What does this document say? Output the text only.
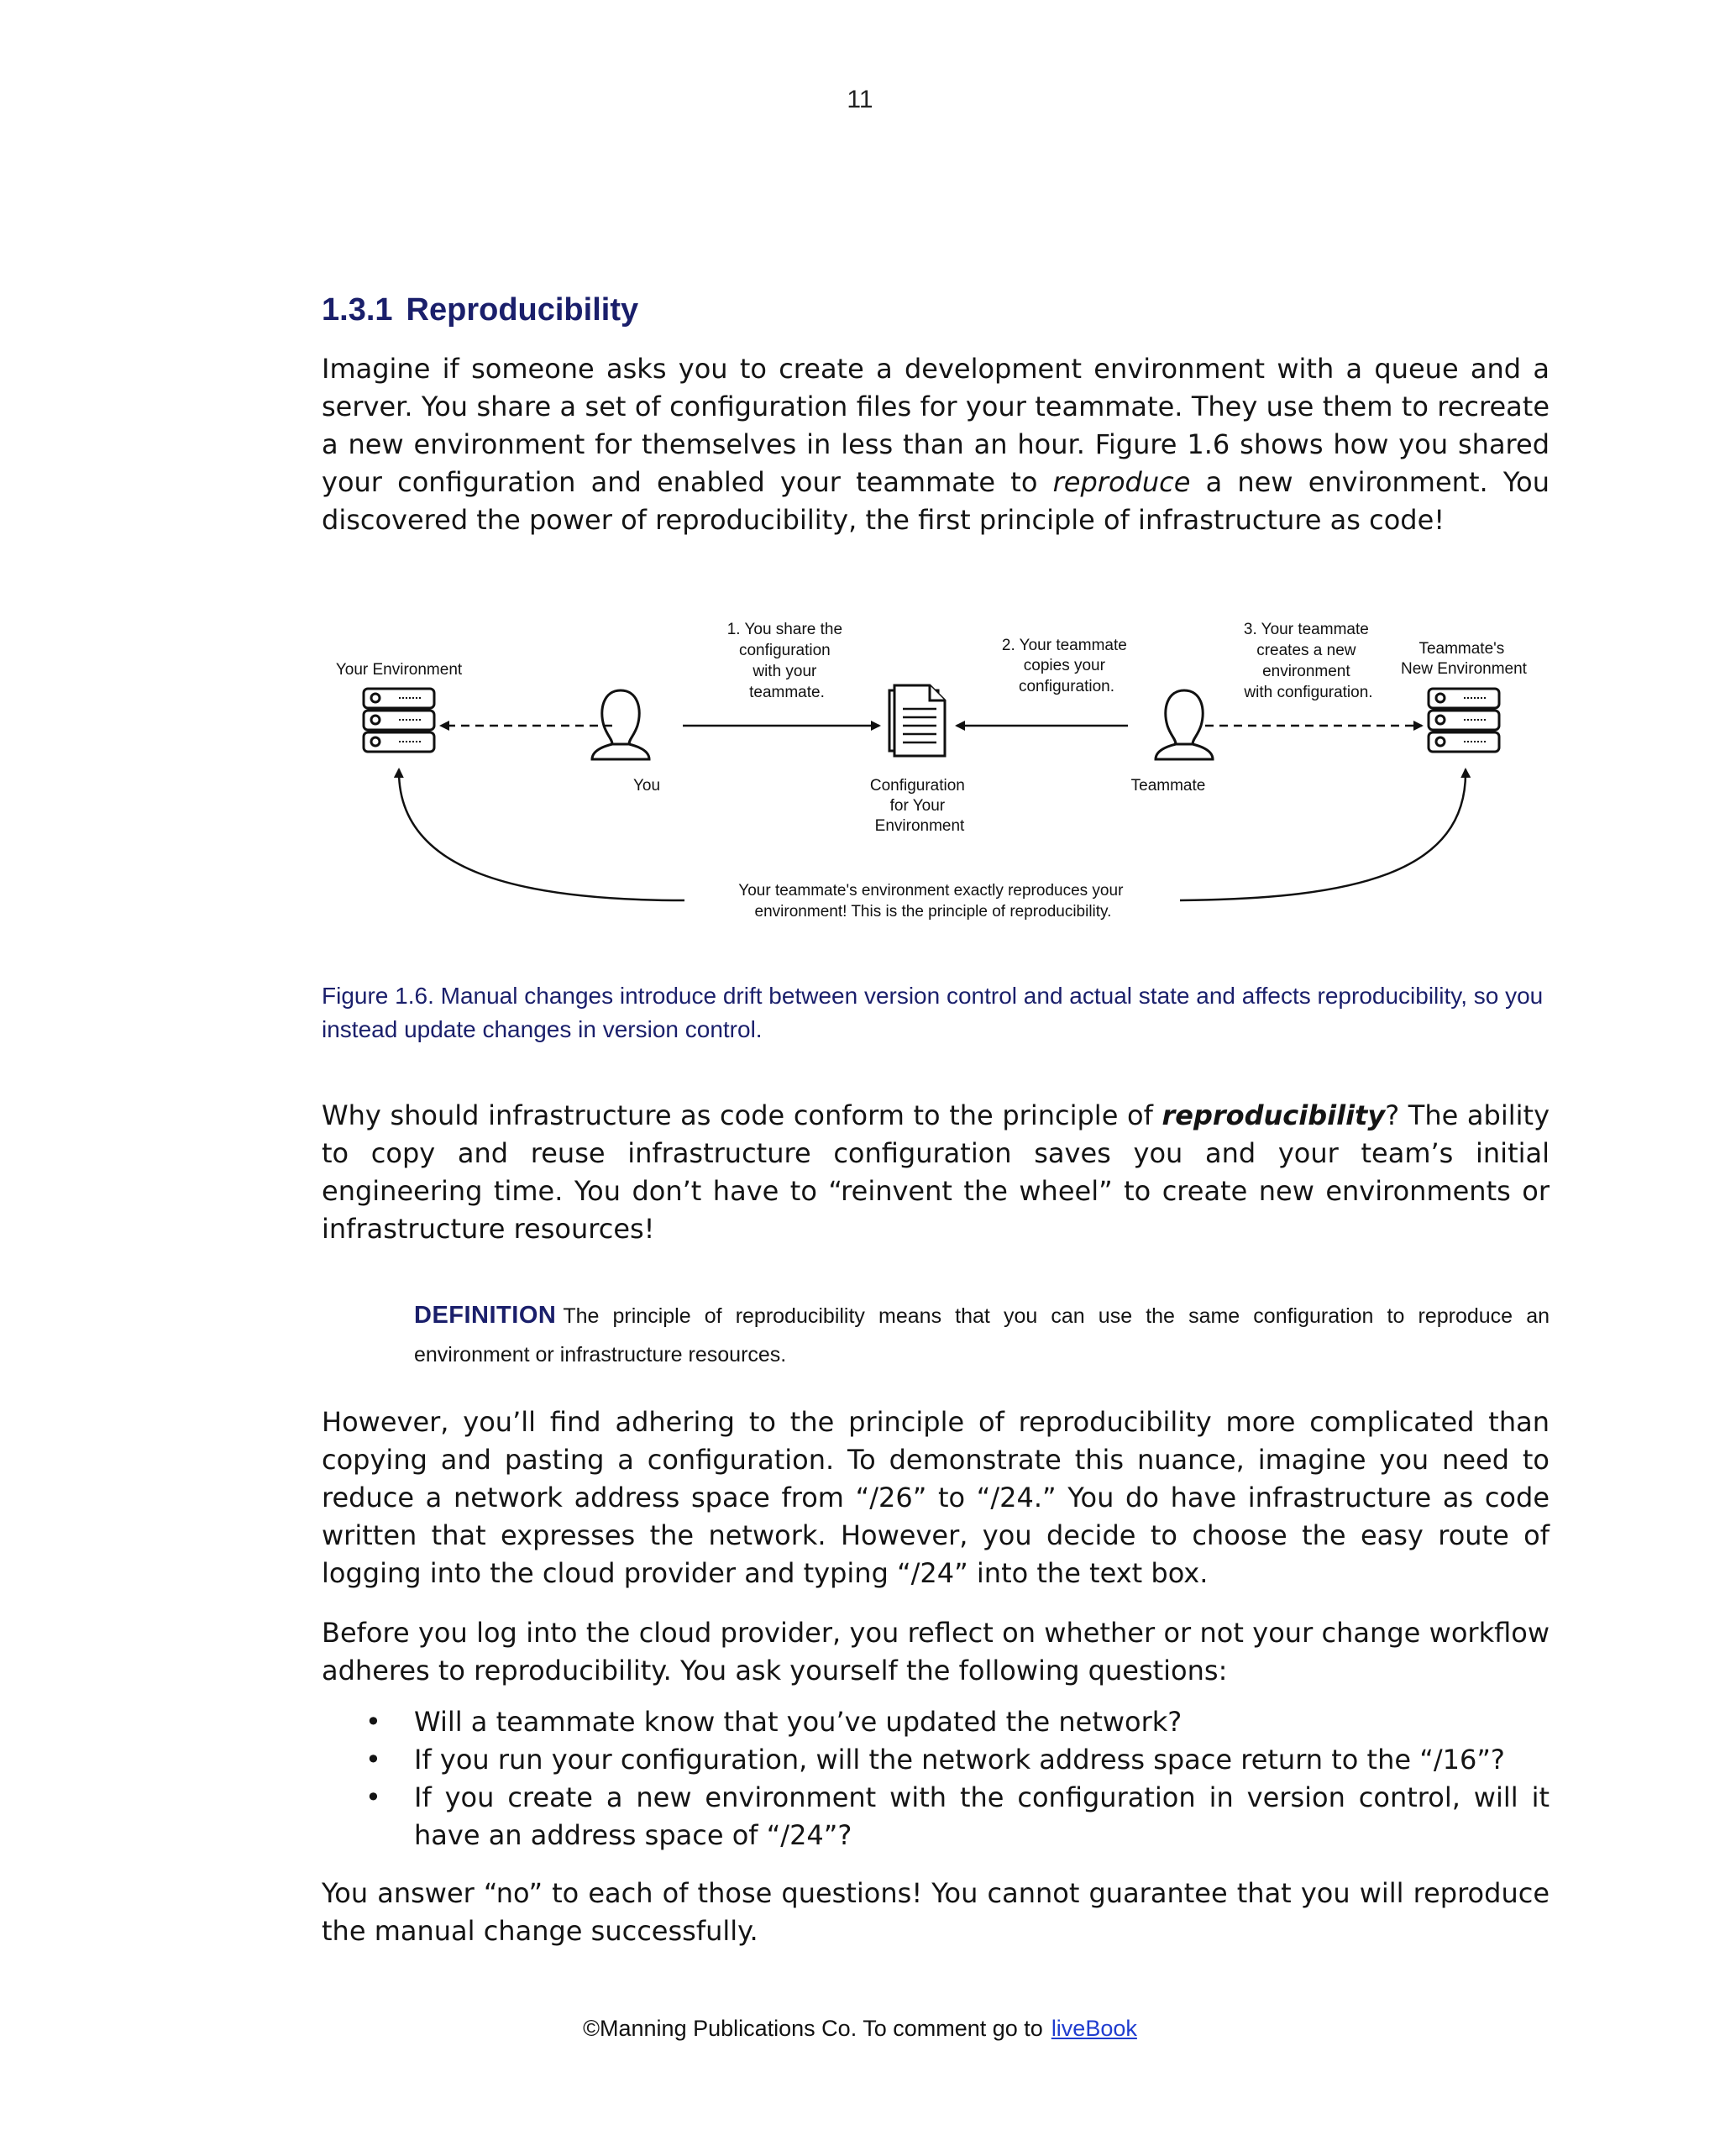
11
1.3.1 Reproducibility

Imagine if someone asks you to create a development environment with a queue and a server. You share a set of configuration files for your teammate. They use them to recreate a new environment for themselves in less than an hour. Figure 1.6 shows how you shared your configuration and enabled your teammate to reproduce a new environment. You discovered the power of reproducibility, the first principle of infrastructure as code!

Your Environment
Teammate's New Environment
1. You share the configuration with your teammate.
2. Your teammate copies your configuration.
3. Your teammate creates a new environment with configuration.
You	Teammate
Configuration for Your Environment
Your teammate's environment exactly reproduces your environment! This is the principle of reproducibility.

Figure 1.6. Manual changes introduce drift between version control and actual state and affects reproducibility, so you instead update changes in version control.

Why should infrastructure as code conform to the principle of reproducibility? The ability to copy and reuse infrastructure configuration saves you and your team’s initial engineering time. You don’t have to “reinvent the wheel” to create new environments or infrastructure resources!

DEFINITION The principle of reproducibility means that you can use the same configuration to reproduce an environment or infrastructure resources.

However, you’ll find adhering to the principle of reproducibility more complicated than copying and pasting a configuration. To demonstrate this nuance, imagine you need to reduce a network address space from “/26” to “/24.” You do have infrastructure as code written that expresses the network. However, you decide to choose the easy route of logging into the cloud provider and typing “/24” into the text box.

Before you log into the cloud provider, you reflect on whether or not your change workflow adheres to reproducibility. You ask yourself the following questions:

• Will a teammate know that you’ve updated the network?
• If you run your configuration, will the network address space return to the “/16”?
• If you create a new environment with the configuration in version control, will it have an address space of “/24”?

You answer “no” to each of those questions! You cannot guarantee that you will reproduce the manual change successfully.

©Manning Publications Co. To comment go to liveBook
